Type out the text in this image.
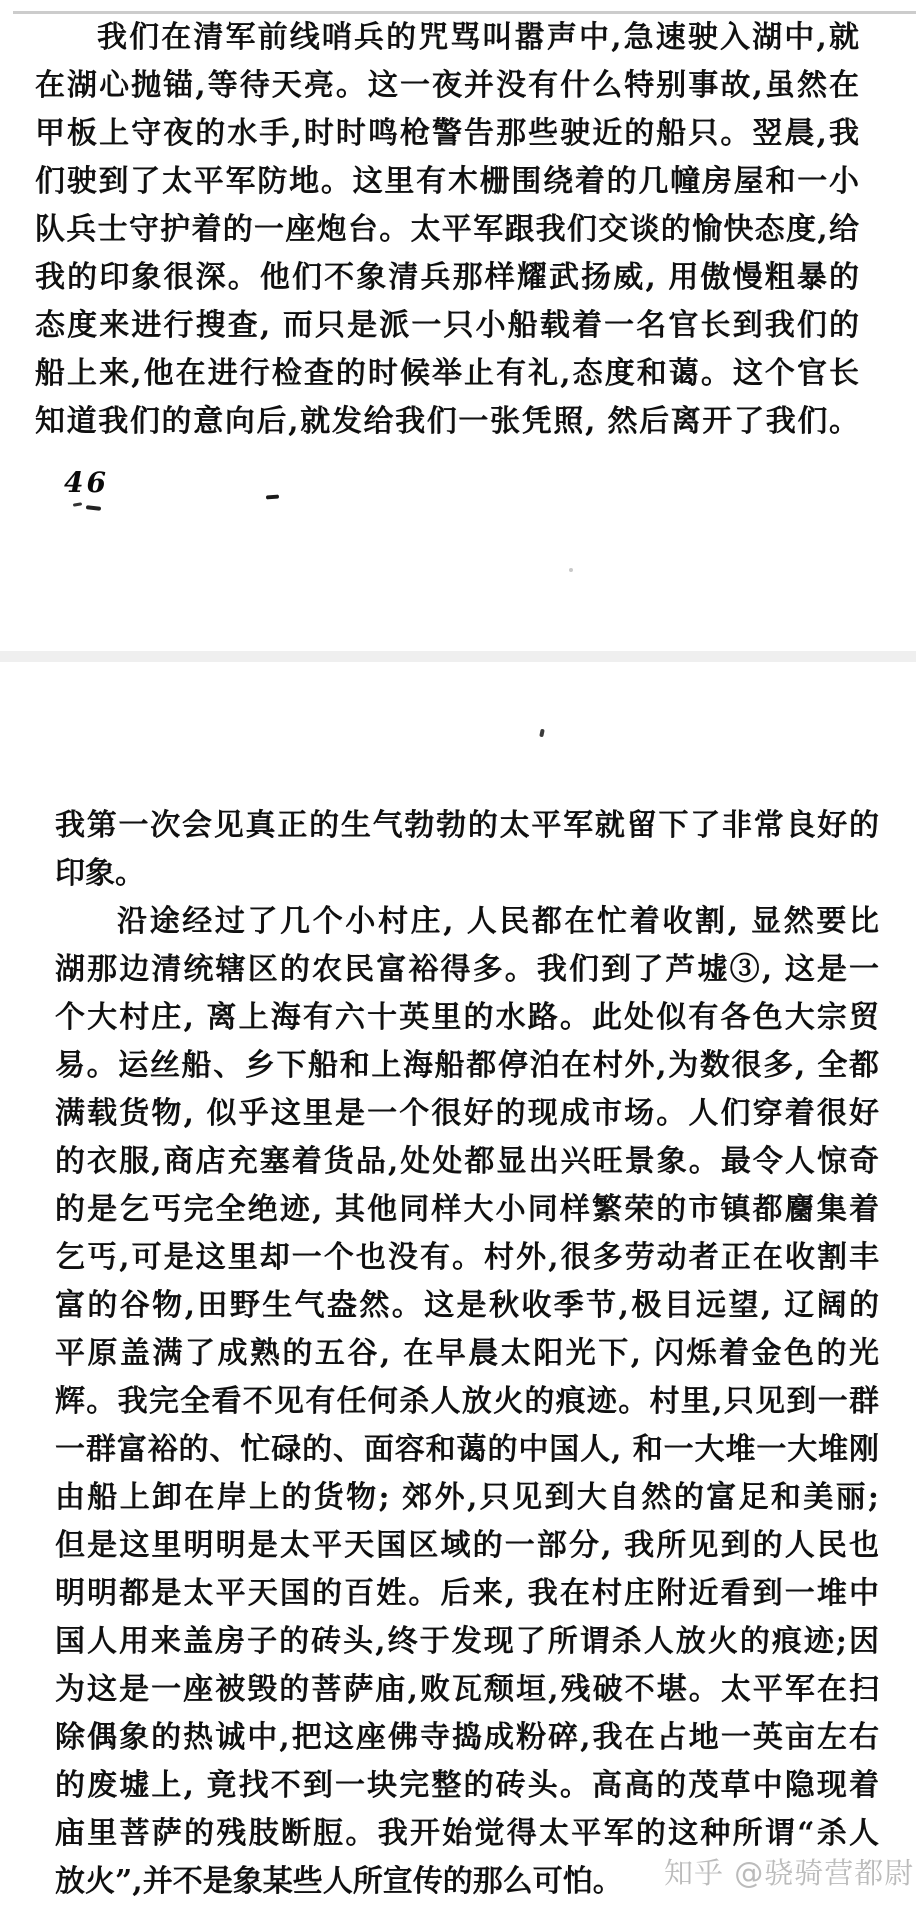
我们在清军前线哨兵的咒骂叫嚣声中,急速驶入湖中,就
在湖心抛锚,等待天亮。这一夜并没有什么特别事故,虽然在
甲板上守夜的水手,时时鸣枪警告那些驶近的船只。翌晨,我
们驶到了太平军防地。这里有木栅围绕着的几幢房屋和一小
队兵士守护着的一座炮台。太平军跟我们交谈的愉快态度,给
我的印象很深。他们不象清兵那样耀武扬威, 用傲慢粗暴的
态度来进行搜查, 而只是派一只小船载着一名官长到我们的
船上来,他在进行检查的时候举止有礼,态度和蔼。这个官长
知道我们的意向后,就发给我们一张凭照, 然后离开了我们。
46
我第一次会见真正的生气勃勃的太平军就留下了非常良好的
印象。
沿途经过了几个小村庄, 人民都在忙着收割, 显然要比
湖那边清统辖区的农民富裕得多。我们到了芦墟③, 这是一
个大村庄, 离上海有六十英里的水路。此处似有各色大宗贸
易。运丝船、乡下船和上海船都停泊在村外,为数很多, 全都
满载货物, 似乎这里是一个很好的现成市场。人们穿着很好
的衣服,商店充塞着货品,处处都显出兴旺景象。最令人惊奇
的是乞丐完全绝迹, 其他同样大小同样繁荣的市镇都麕集着
乞丐,可是这里却一个也没有。村外,很多劳动者正在收割丰
富的谷物,田野生气盎然。这是秋收季节,极目远望, 辽阔的
平原盖满了成熟的五谷, 在早晨太阳光下, 闪烁着金色的光
辉。我完全看不见有任何杀人放火的痕迹。村里,只见到一群
一群富裕的、忙碌的、面容和蔼的中国人, 和一大堆一大堆刚
由船上卸在岸上的货物; 郊外,只见到大自然的富足和美丽;
但是这里明明是太平天国区域的一部分, 我所见到的人民也
明明都是太平天国的百姓。后来, 我在村庄附近看到一堆中
国人用来盖房子的砖头,终于发现了所谓杀人放火的痕迹;因
为这是一座被毁的菩萨庙,败瓦颓垣,残破不堪。太平军在扫
除偶象的热诚中,把这座佛寺捣成粉碎,我在占地一英亩左右
的废墟上, 竟找不到一块完整的砖头。高高的茂草中隐现着
庙里菩萨的残肢断脰。我开始觉得太平军的这种所谓“杀人
放火”,并不是象某些人所宣传的那么可怕。	知乎 @骁骑营都尉
